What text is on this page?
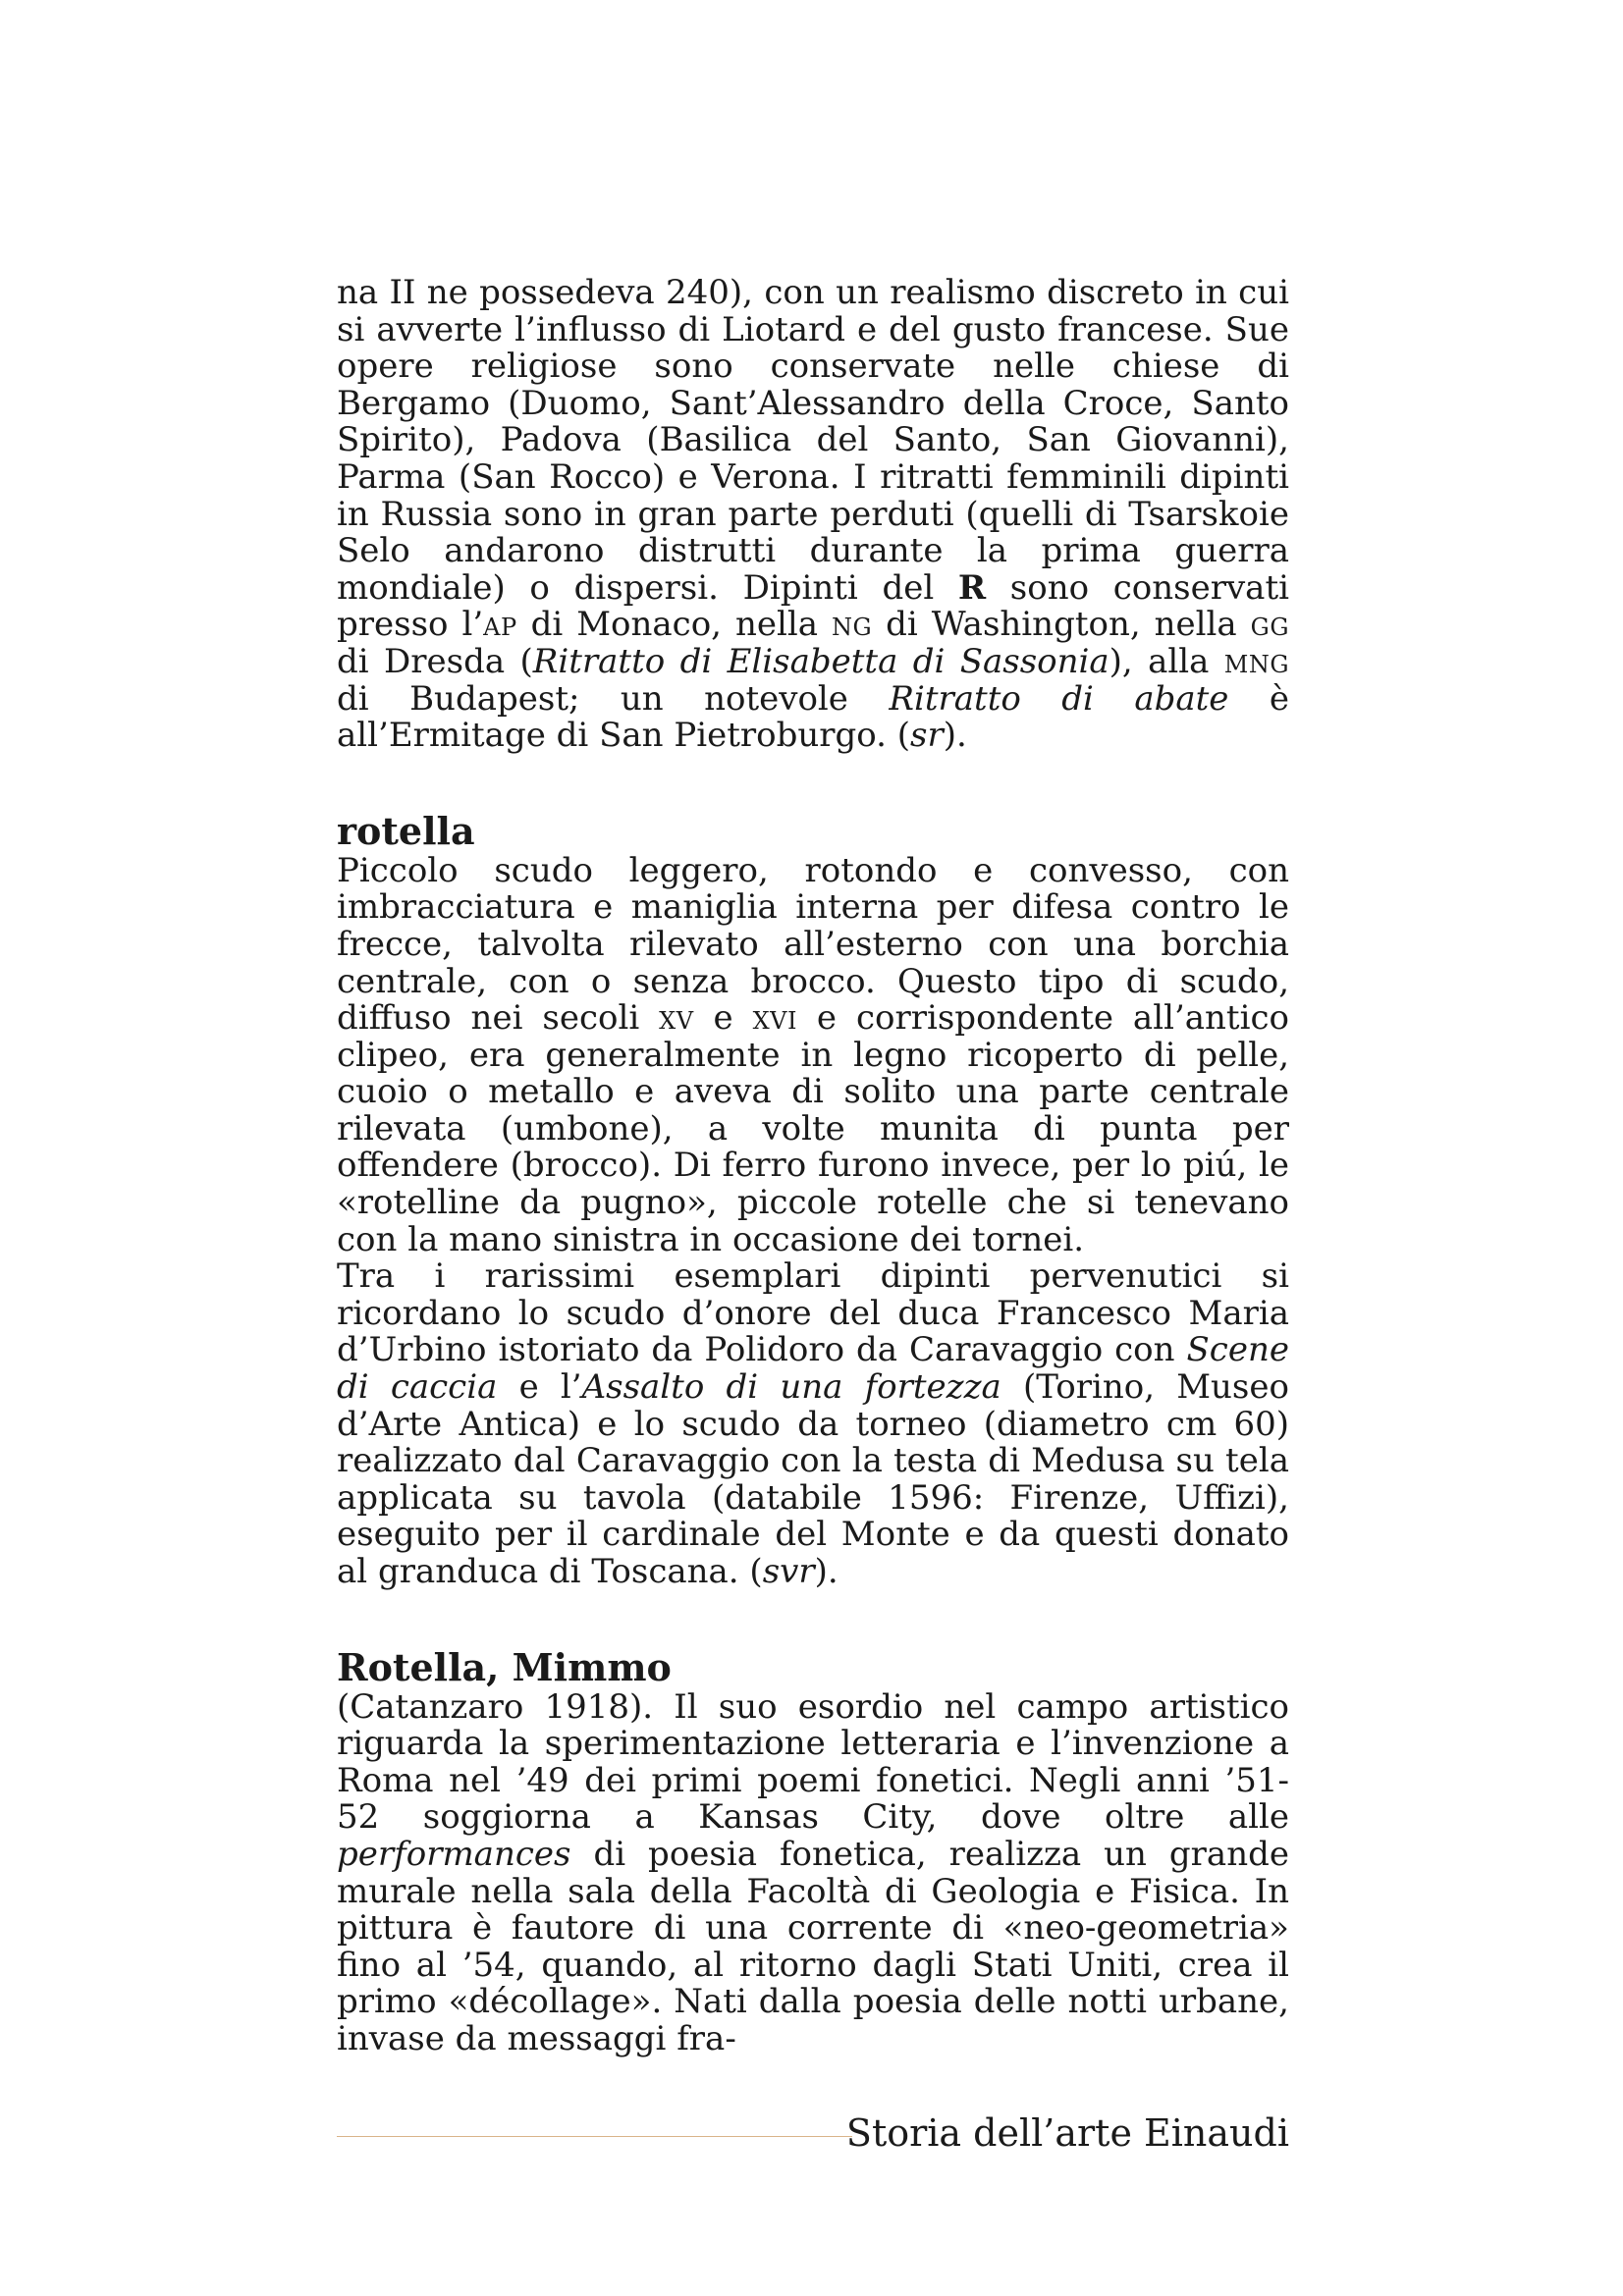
na II ne possedeva 240), con un realismo discreto in cui si avverte l’influsso di Liotard e del gusto francese. Sue opere religiose sono conservate nelle chiese di Bergamo (Duomo, Sant’Alessandro della Croce, Santo Spirito), Padova (Basilica del Santo, San Giovanni), Parma (San Rocco) e Verona. I ritratti femminili dipinti in Russia sono in gran parte perduti (quelli di Tsarskoie Selo andarono distrutti durante la prima guerra mondiale) o dispersi. Dipinti del R sono conservati presso l’ap di Monaco, nella ng di Washington, nella gg di Dresda (Ritratto di Elisabetta di Sassonia), alla mng di Budapest; un notevole Ritratto di abate è all’Ermitage di San Pietroburgo. (sr).

rotella

Piccolo scudo leggero, rotondo e convesso, con imbracciatura e maniglia interna per difesa contro le frecce, talvolta rilevato all’esterno con una borchia centrale, con o senza brocco. Questo tipo di scudo, diffuso nei secoli xv e xvi e corrispondente all’antico clipeo, era generalmente in legno ricoperto di pelle, cuoio o metallo e aveva di solito una parte centrale rilevata (umbone), a volte munita di punta per offendere (brocco). Di ferro furono invece, per lo piú, le «rotelline da pugno», piccole rotelle che si tenevano con la mano sinistra in occasione dei tornei.

Tra i rarissimi esemplari dipinti pervenutici si ricordano lo scudo d’onore del duca Francesco Maria d’Urbino istoriato da Polidoro da Caravaggio con Scene di caccia e l’Assalto di una fortezza (Torino, Museo d’Arte Antica) e lo scudo da torneo (diametro cm 60) realizzato dal Caravaggio con la testa di Medusa su tela applicata su tavola (databile 1596: Firenze, Uffizi), eseguito per il cardinale del Monte e da questi donato al granduca di Toscana. (svr).

Rotella, Mimmo

(Catanzaro 1918). Il suo esordio nel campo artistico riguarda la sperimentazione letteraria e l’invenzione a Roma nel ’49 dei primi poemi fonetici. Negli anni ’51-52 soggiorna a Kansas City, dove oltre alle performances di poesia fonetica, realizza un grande murale nella sala della Facoltà di Geologia e Fisica. In pittura è fautore di una corrente di «neo-geometria» fino al ’54, quando, al ritorno dagli Stati Uniti, crea il primo «décollage». Nati dalla poesia delle notti urbane, invase da messaggi fra-

Storia dell’arte Einaudi
